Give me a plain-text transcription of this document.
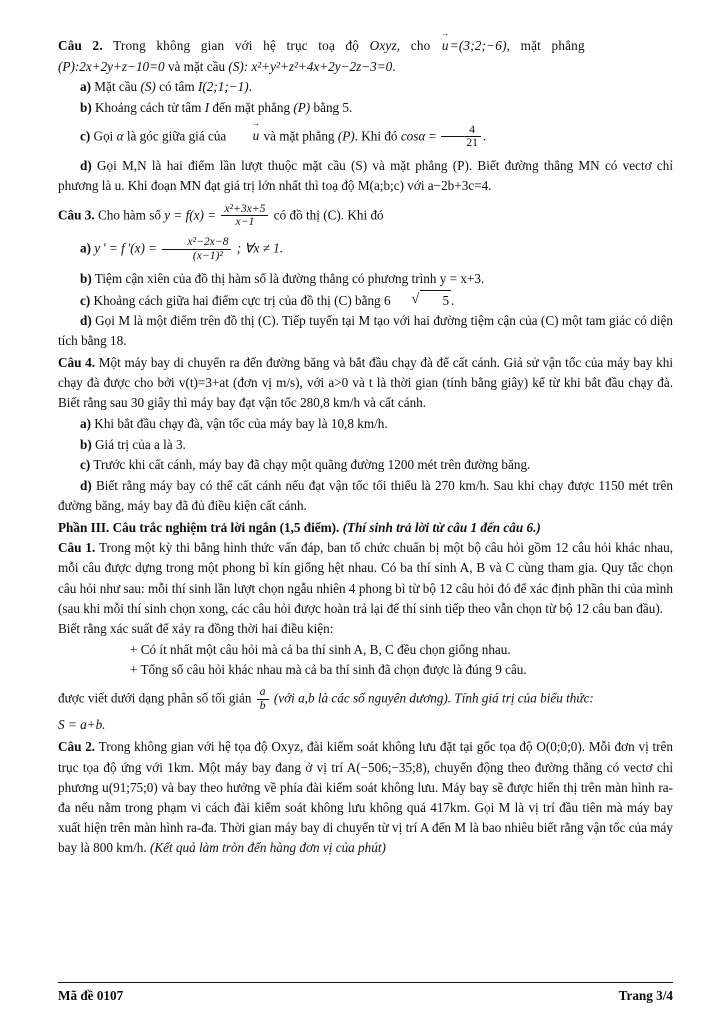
Câu 2. Trong không gian với hệ trục toạ độ Oxyz, cho u →=(3;2;−6), mặt phẳng
(P):2x+2y+z−10=0 và mặt cầu (S): x²+y²+z²+4x+2y−2z−3=0.
a) Mặt cầu (S) có tâm I(2;1;−1).
b) Khoảng cách từ tâm I đến mặt phẳng (P) bằng 5.
c) Gọi α là góc giữa giá của u → và mặt phẳng (P). Khi đó $\cos\alpha = \frac{4}{21}$ .
d) Gọi M,N là hai điểm lần lượt thuộc mặt cầu (S) và mặt phẳng (P). Biết đường thẳng MN có vectơ chỉ phương là u. Khi đoạn MN đạt giá trị lớn nhất thì toạ độ M(a;b;c) với a−2b+3c=4.
Câu 3. Cho hàm số $y = f(x) = \frac{\text{x²+3x+5}}{x-1}$ có đồ thị (C). Khi đó
a) y ' = f '$(x) = \frac{\text{x²−2x−8}}{\text{(x−1)²}}$ ; ∀x ≠ 1.
b) Tiệm cận xiên của đồ thị hàm số là đường thẳng có phương trình y = x+3.
c) Khoảng cách giữa hai điểm cực trị của đồ thị (C) bằng 6	√ 5 .
d) Gọi M là một điểm trên đồ thị (C). Tiếp tuyến tại M tạo với hai đường tiệm cận của (C) một tam giác có diện tích bằng 18.
Câu 4. Một máy bay di chuyển ra đến đường băng và bắt đầu chạy đà để cất cánh. Giả sử vận tốc của máy bay khi chạy đà được cho bởi v(t)=3+at (đơn vị m/s), với a>0 và t là thời gian (tính bằng giây) kể từ khi bắt đầu chạy đà. Biết rằng sau 30 giây thì máy bay đạt vận tốc 280,8 km/h và cất cánh.
a) Khi bắt đầu chạy đà, vận tốc của máy bay là 10,8 km/h.
b) Giá trị của a là 3.
c) Trước khi cất cánh, máy bay đã chạy một quãng đường 1200 mét trên đường băng.
d) Biết rằng máy bay có thể cất cánh nếu đạt vận tốc tối thiểu là 270 km/h. Sau khi chạy được 1150 mét trên đường băng, máy bay đã đủ điều kiện cất cánh.
Phần III. Câu trắc nghiệm trả lời ngắn (1,5 điểm). (Thí sinh trả lời từ câu 1 đến câu 6.)
Câu 1. Trong một kỳ thi bằng hình thức vấn đáp, ban tổ chức chuẩn bị một bộ câu hỏi gồm 12 câu hỏi khác nhau, mỗi câu được dựng trong một phong bì kín giống hệt nhau. Có ba thí sinh A, B và C cùng tham gia. Quy tắc chọn câu hỏi như sau: mỗi thí sinh lần lượt chọn ngẫu nhiên 4 phong bì từ bộ 12 câu hỏi đó để xác định phần thi của mình (sau khi mỗi thí sinh chọn xong, các câu hỏi được hoàn trả lại để thí sinh tiếp theo vẫn chọn từ bộ 12 câu ban đầu).
Biết rằng xác suất để xảy ra đồng thời hai điều kiện:
+ Có ít nhất một câu hỏi mà cả ba thí sinh A, B, C đều chọn giống nhau.
+ Tổng số câu hỏi khác nhau mà cả ba thí sinh đã chọn được là đúng 9 câu.
được viết dưới dạng phân số tối giản $\frac{a}{b}$ (với a,b là các số nguyên dương). Tính giá trị của biểu thức:
S = a+b.
Câu 2. Trong không gian với hệ tọa độ Oxyz, đài kiểm soát không lưu đặt tại gốc tọa độ O(0;0;0). Mỗi đơn vị trên trục tọa độ ứng với 1km. Một máy bay đang ở vị trí A(−506;−35;8), chuyển động theo đường thẳng có vectơ chỉ phương u(91;75;0) và bay theo hướng về phía đài kiểm soát không lưu. Máy bay sẽ được hiển thị trên màn hình ra-đa nếu nằm trong phạm vi cách đài kiểm soát không lưu không quá 417km. Gọi M là vị trí đầu tiên mà máy bay xuất hiện trên màn hình ra-đa. Thời gian máy bay di chuyển từ vị trí A đến M là bao nhiêu biết rằng vận tốc của máy bay là 800 km/h. (Kết quả làm tròn đến hàng đơn vị của phút)
Mã đề 0107	Trang 3/4
